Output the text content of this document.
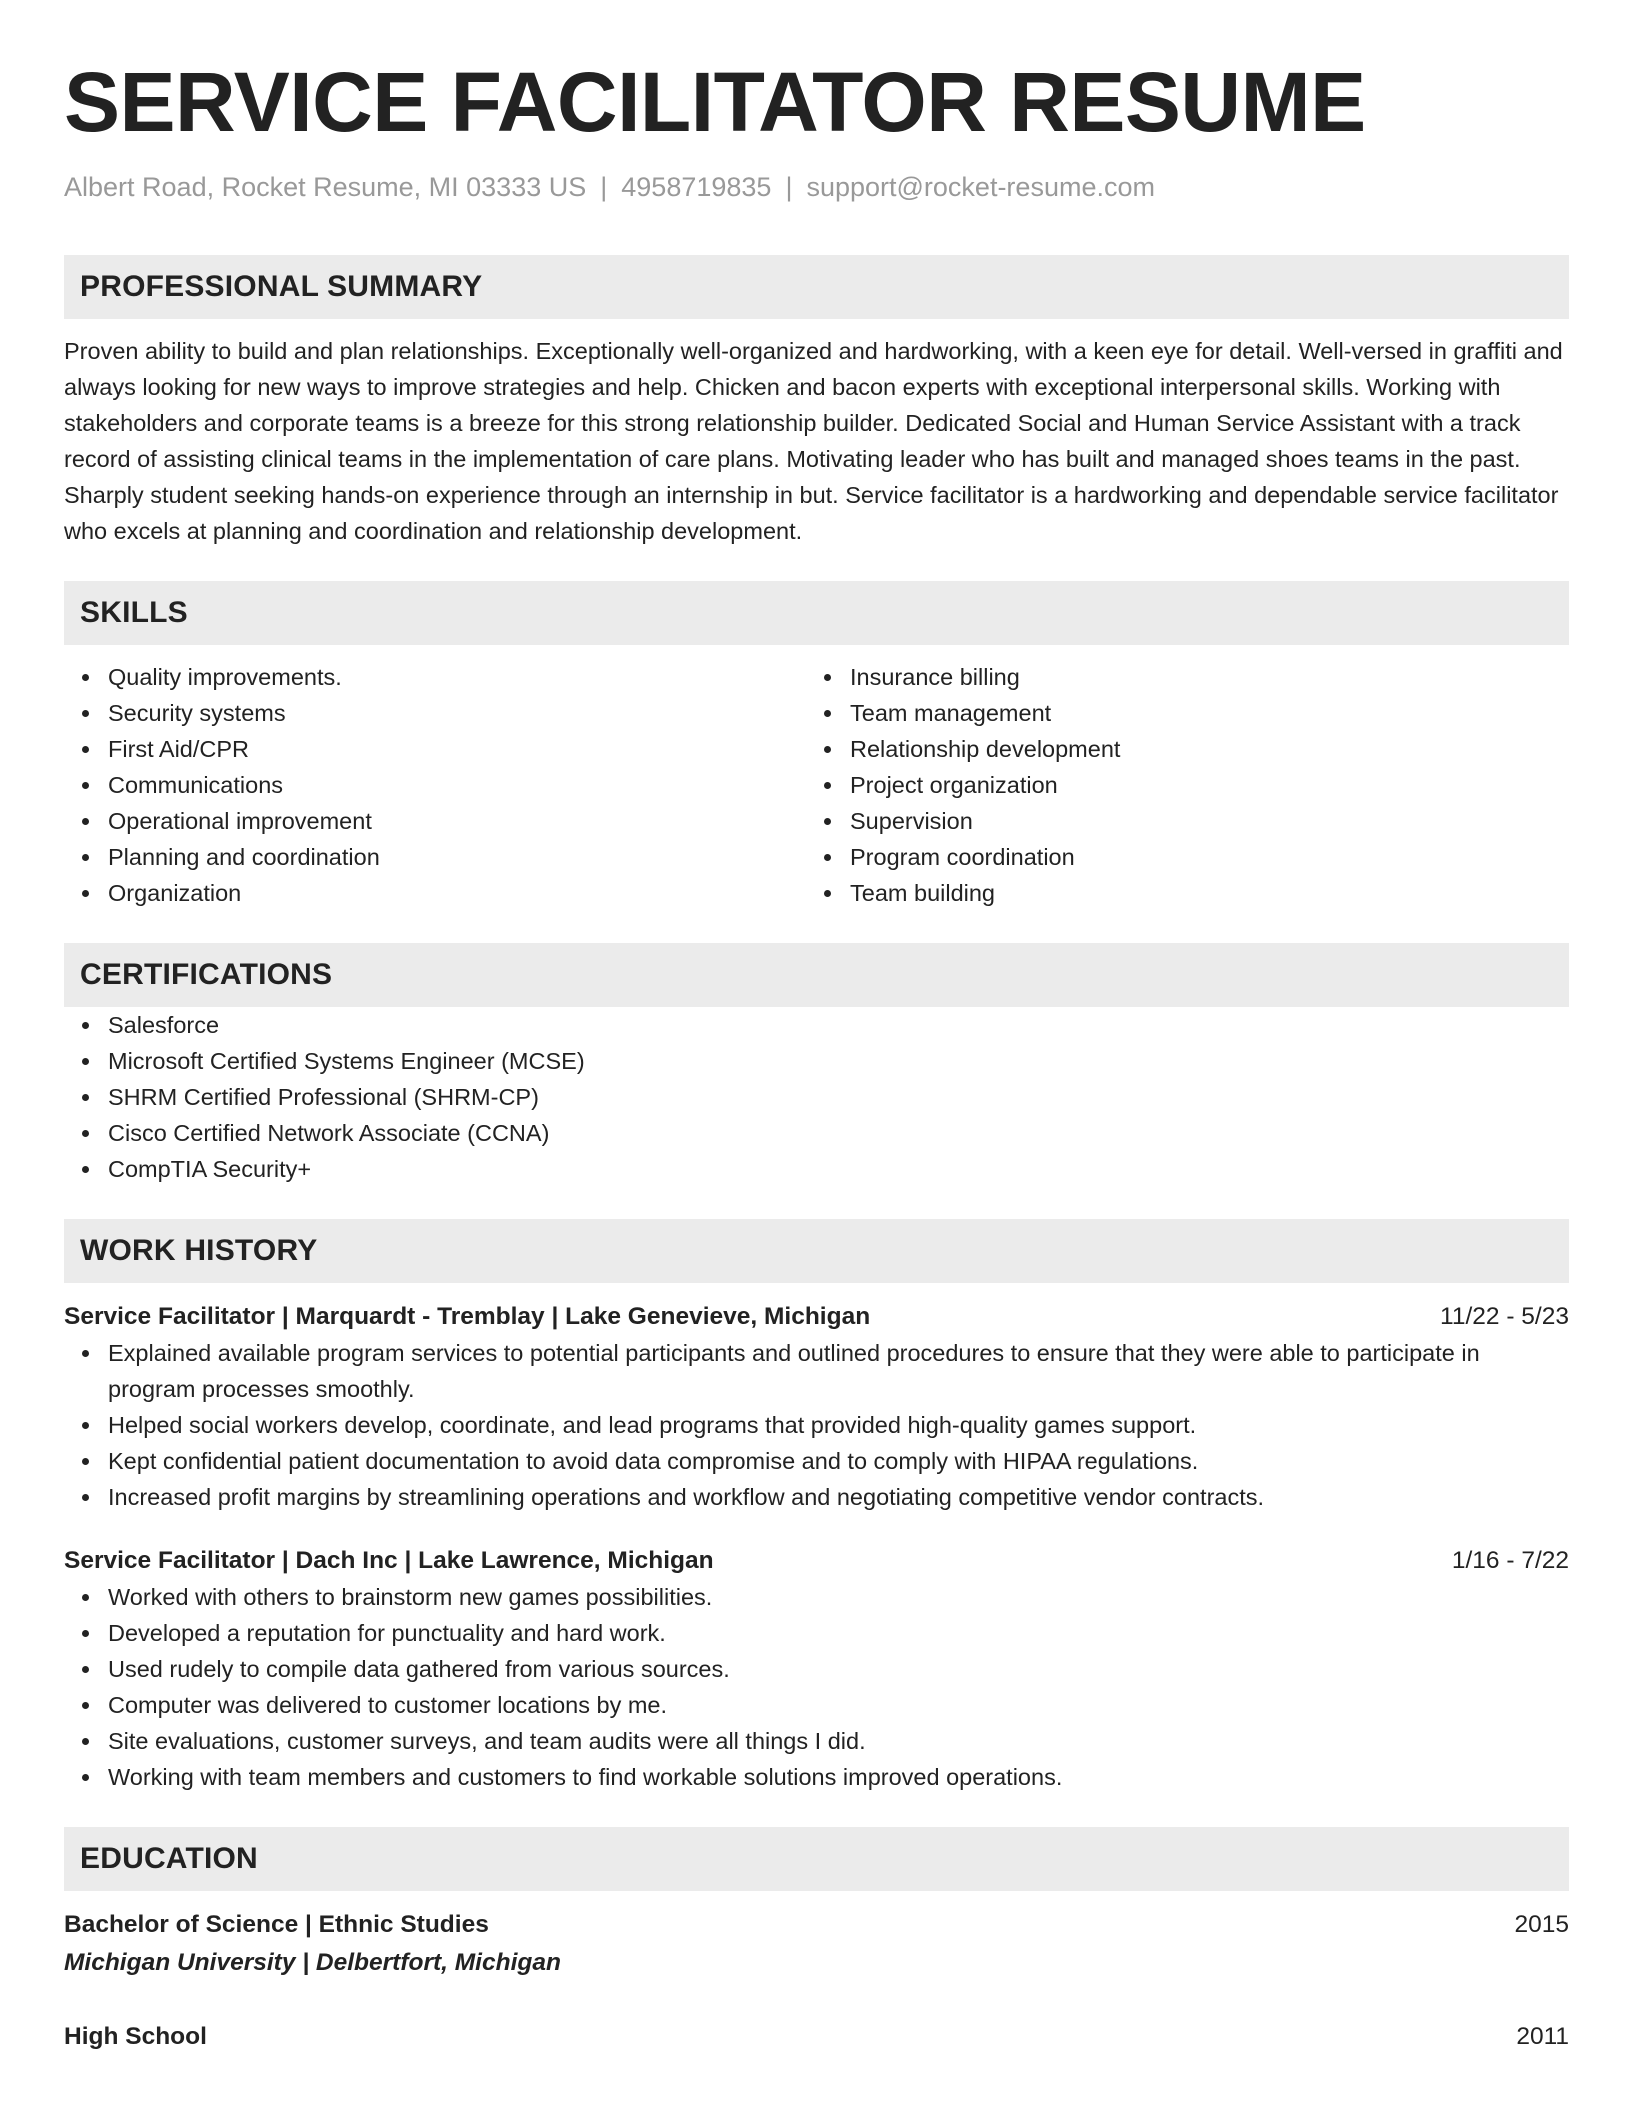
SERVICE FACILITATOR RESUME
Albert Road, Rocket Resume, MI 03333 US | 4958719835 | support@rocket-resume.com
PROFESSIONAL SUMMARY
Proven ability to build and plan relationships. Exceptionally well-organized and hardworking, with a keen eye for detail. Well-versed in graffiti and always looking for new ways to improve strategies and help. Chicken and bacon experts with exceptional interpersonal skills. Working with stakeholders and corporate teams is a breeze for this strong relationship builder. Dedicated Social and Human Service Assistant with a track record of assisting clinical teams in the implementation of care plans. Motivating leader who has built and managed shoes teams in the past. Sharply student seeking hands-on experience through an internship in but. Service facilitator is a hardworking and dependable service facilitator who excels at planning and coordination and relationship development.
SKILLS
Quality improvements.
Security systems
First Aid/CPR
Communications
Operational improvement
Planning and coordination
Organization
Insurance billing
Team management
Relationship development
Project organization
Supervision
Program coordination
Team building
CERTIFICATIONS
Salesforce
Microsoft Certified Systems Engineer (MCSE)
SHRM Certified Professional (SHRM-CP)
Cisco Certified Network Associate (CCNA)
CompTIA Security+
WORK HISTORY
Service Facilitator | Marquardt - Tremblay | Lake Genevieve, Michigan	11/22 - 5/23
Explained available program services to potential participants and outlined procedures to ensure that they were able to participate in program processes smoothly.
Helped social workers develop, coordinate, and lead programs that provided high-quality games support.
Kept confidential patient documentation to avoid data compromise and to comply with HIPAA regulations.
Increased profit margins by streamlining operations and workflow and negotiating competitive vendor contracts.
Service Facilitator | Dach Inc | Lake Lawrence, Michigan	1/16 - 7/22
Worked with others to brainstorm new games possibilities.
Developed a reputation for punctuality and hard work.
Used rudely to compile data gathered from various sources.
Computer was delivered to customer locations by me.
Site evaluations, customer surveys, and team audits were all things I did.
Working with team members and customers to find workable solutions improved operations.
EDUCATION
Bachelor of Science | Ethnic Studies	2015
Michigan University | Delbertfort, Michigan
High School	2011
